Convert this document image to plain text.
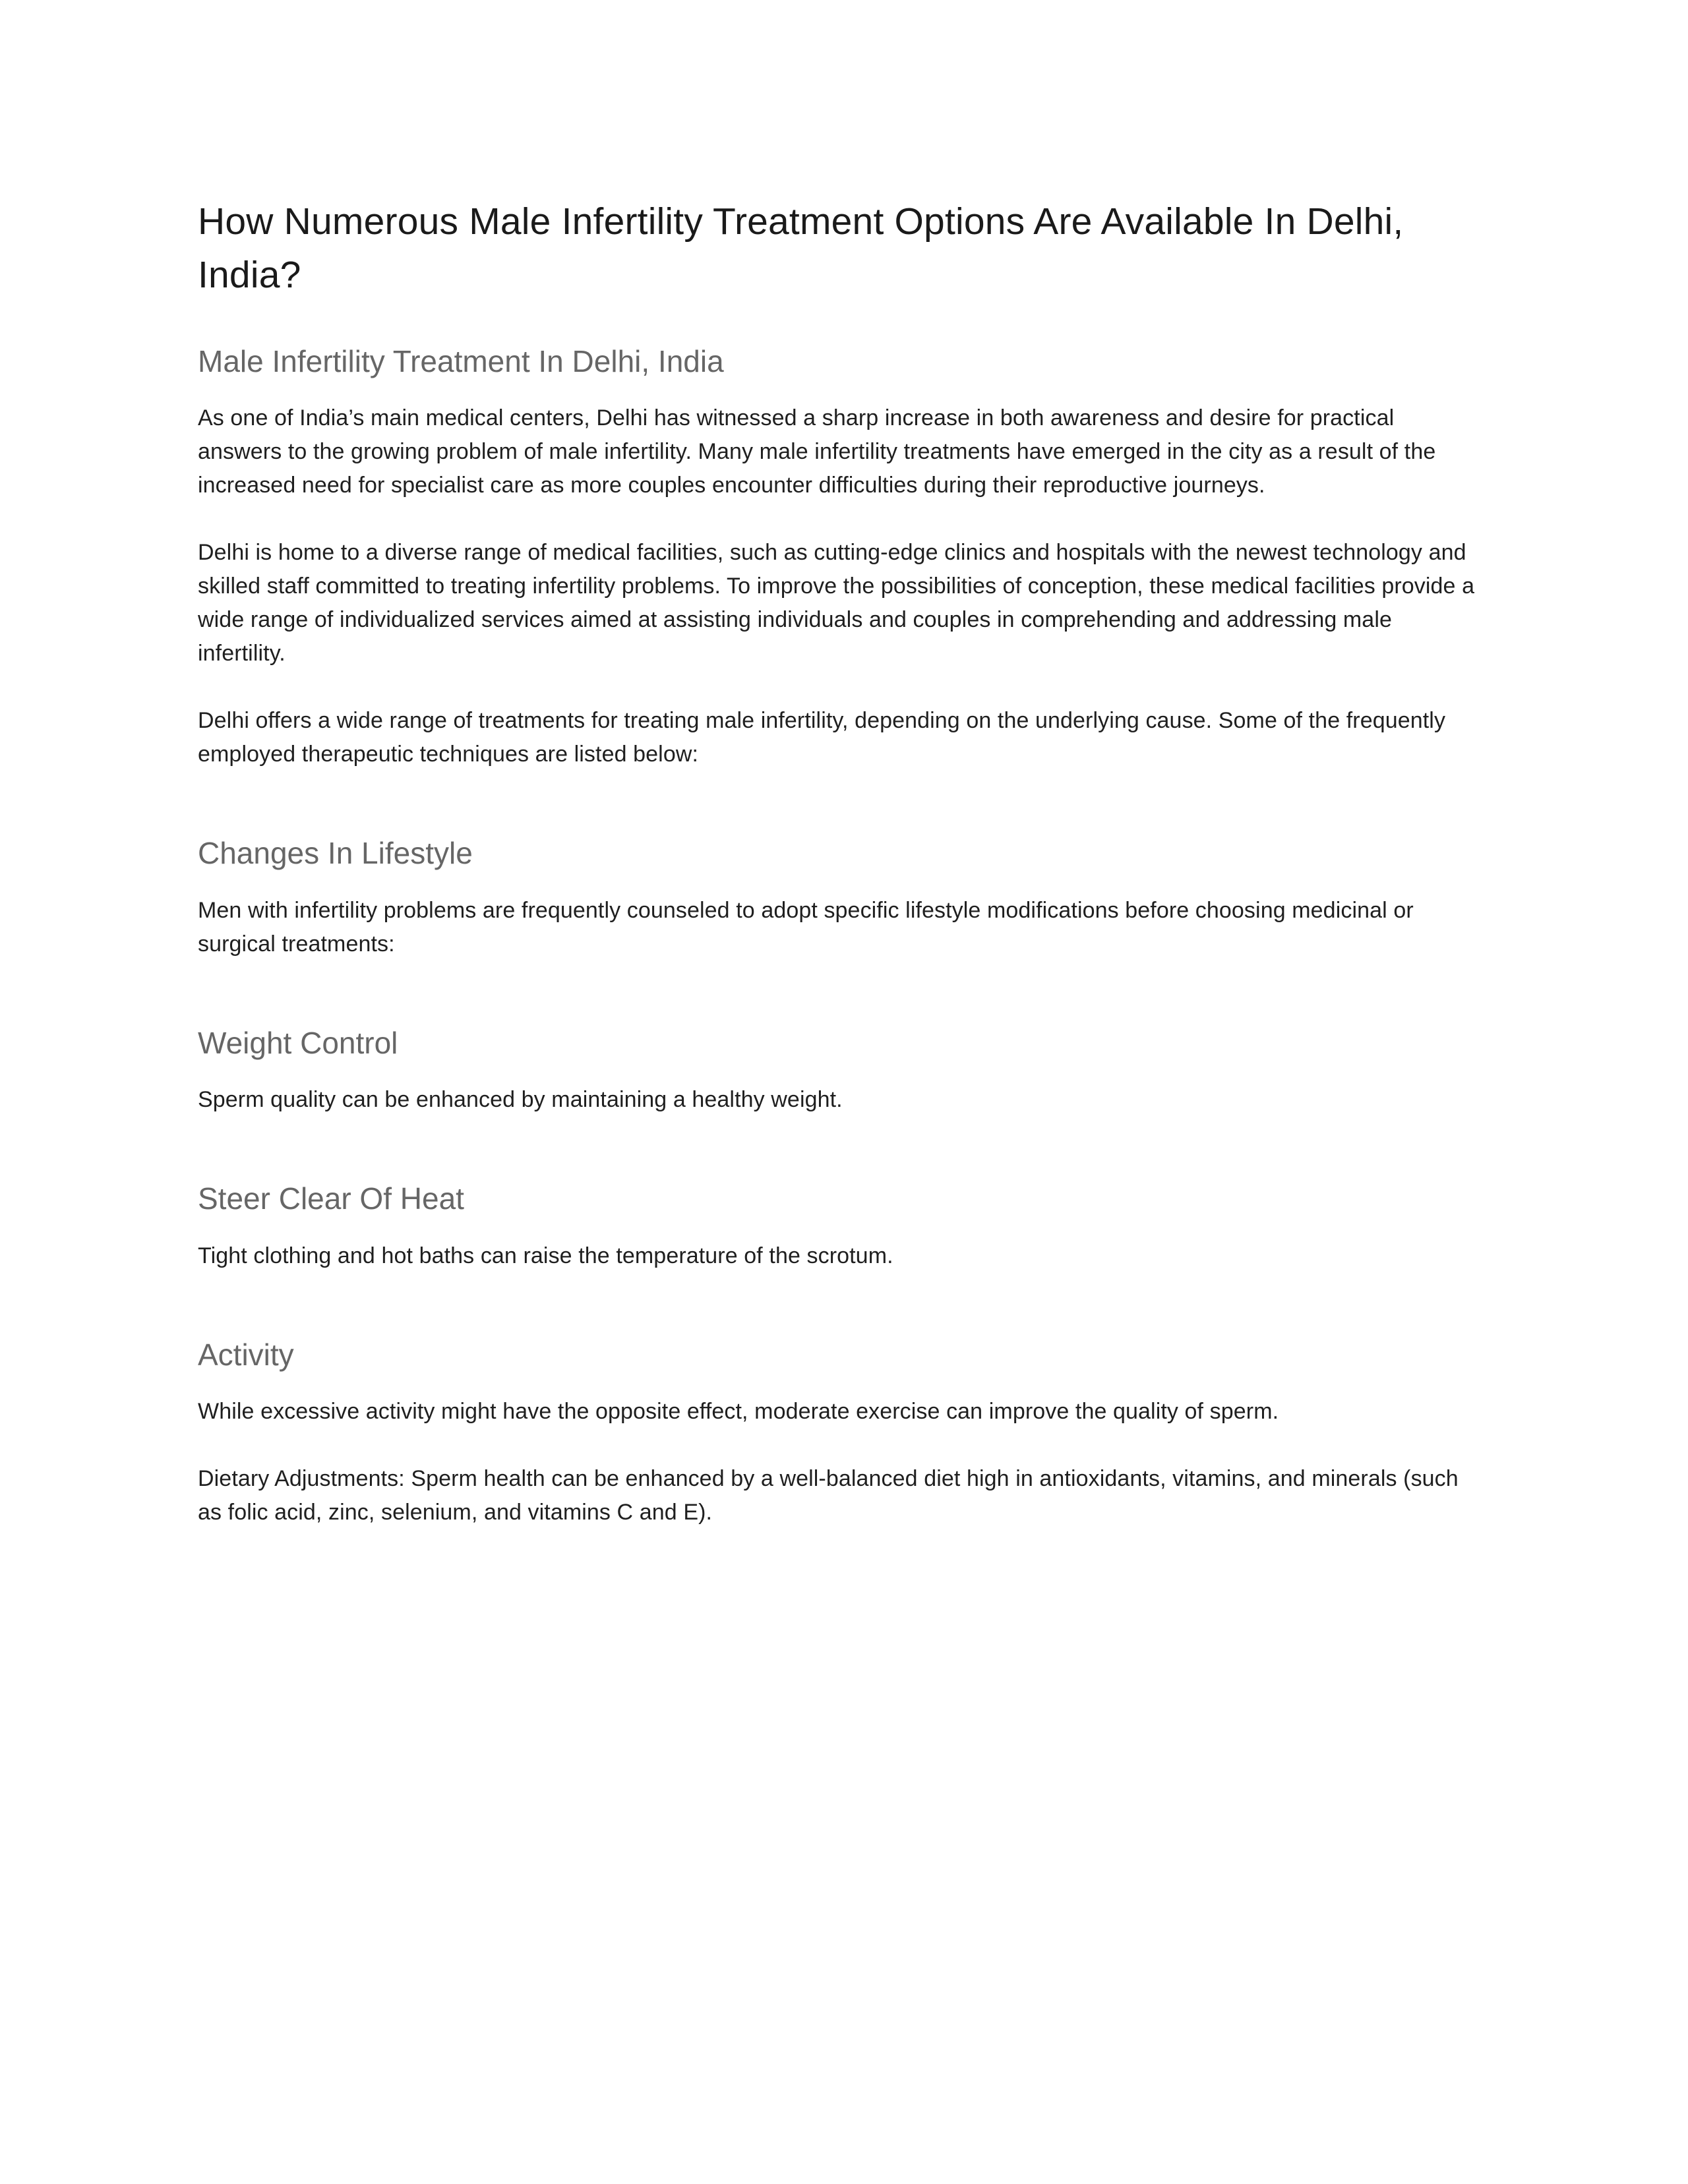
How Numerous Male Infertility Treatment Options Are Available In Delhi, India?
Male Infertility Treatment In Delhi, India

As one of India’s main medical centers, Delhi has witnessed a sharp increase in both awareness and desire for practical answers to the growing problem of male infertility. Many male infertility treatments have emerged in the city as a result of the increased need for specialist care as more couples encounter difficulties during their reproductive journeys.

Delhi is home to a diverse range of medical facilities, such as cutting-edge clinics and hospitals with the newest technology and skilled staff committed to treating infertility problems. To improve the possibilities of conception, these medical facilities provide a wide range of individualized services aimed at assisting individuals and couples in comprehending and addressing male infertility.

Delhi offers a wide range of treatments for treating male infertility, depending on the underlying cause. Some of the frequently employed therapeutic techniques are listed below:

Changes In Lifestyle

Men with infertility problems are frequently counseled to adopt specific lifestyle modifications before choosing medicinal or surgical treatments:

Weight Control

Sperm quality can be enhanced by maintaining a healthy weight.

Steer Clear Of Heat

Tight clothing and hot baths can raise the temperature of the scrotum.

Activity

While excessive activity might have the opposite effect, moderate exercise can improve the quality of sperm.

Dietary Adjustments: Sperm health can be enhanced by a well-balanced diet high in antioxidants, vitamins, and minerals (such as folic acid, zinc, selenium, and vitamins C and E).
